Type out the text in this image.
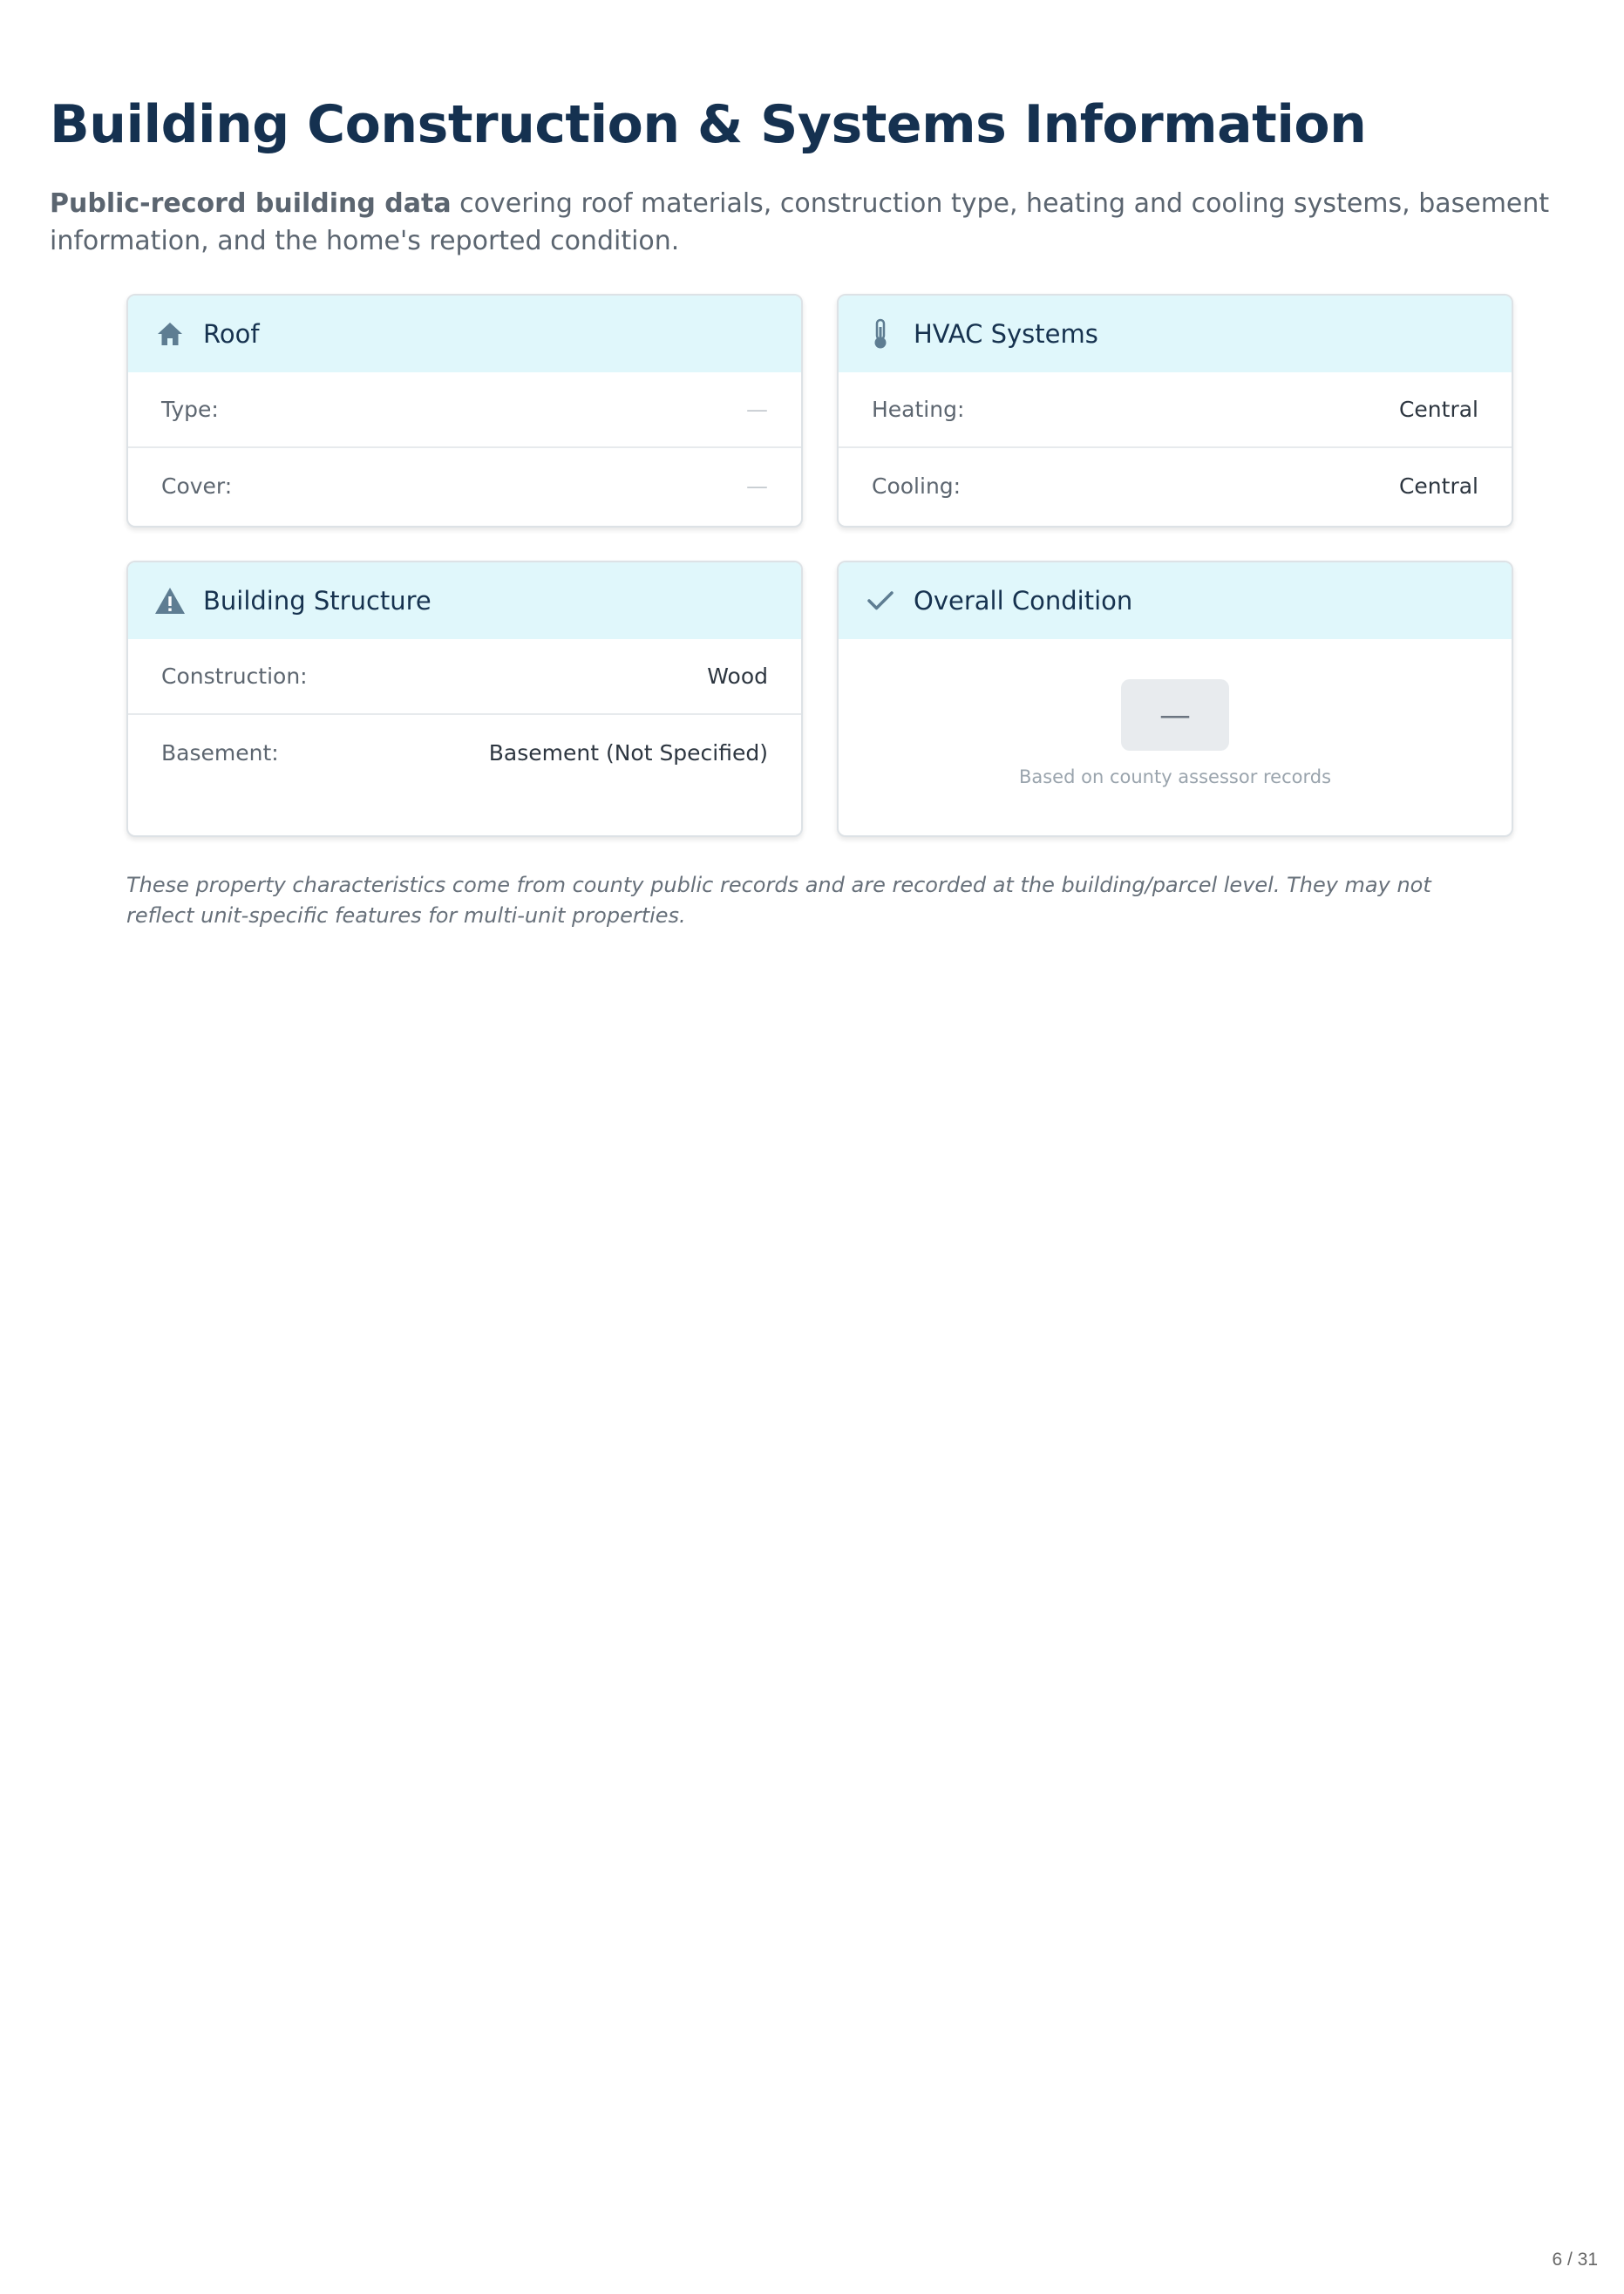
Building Construction & Systems Information

Public-record building data covering roof materials, construction type, heating and cooling systems, basement information, and the home's reported condition.

Roof
Type:	—
Cover:	—
HVAC Systems
Heating:	Central
Cooling:	Central
Building Structure
Construction:	Wood
Basement:	Basement (Not Specified)
Overall Condition
—
Based on county assessor records

These property characteristics come from county public records and are recorded at the building/parcel level. They may not reflect unit-specific features for multi-unit properties.

6 / 31
